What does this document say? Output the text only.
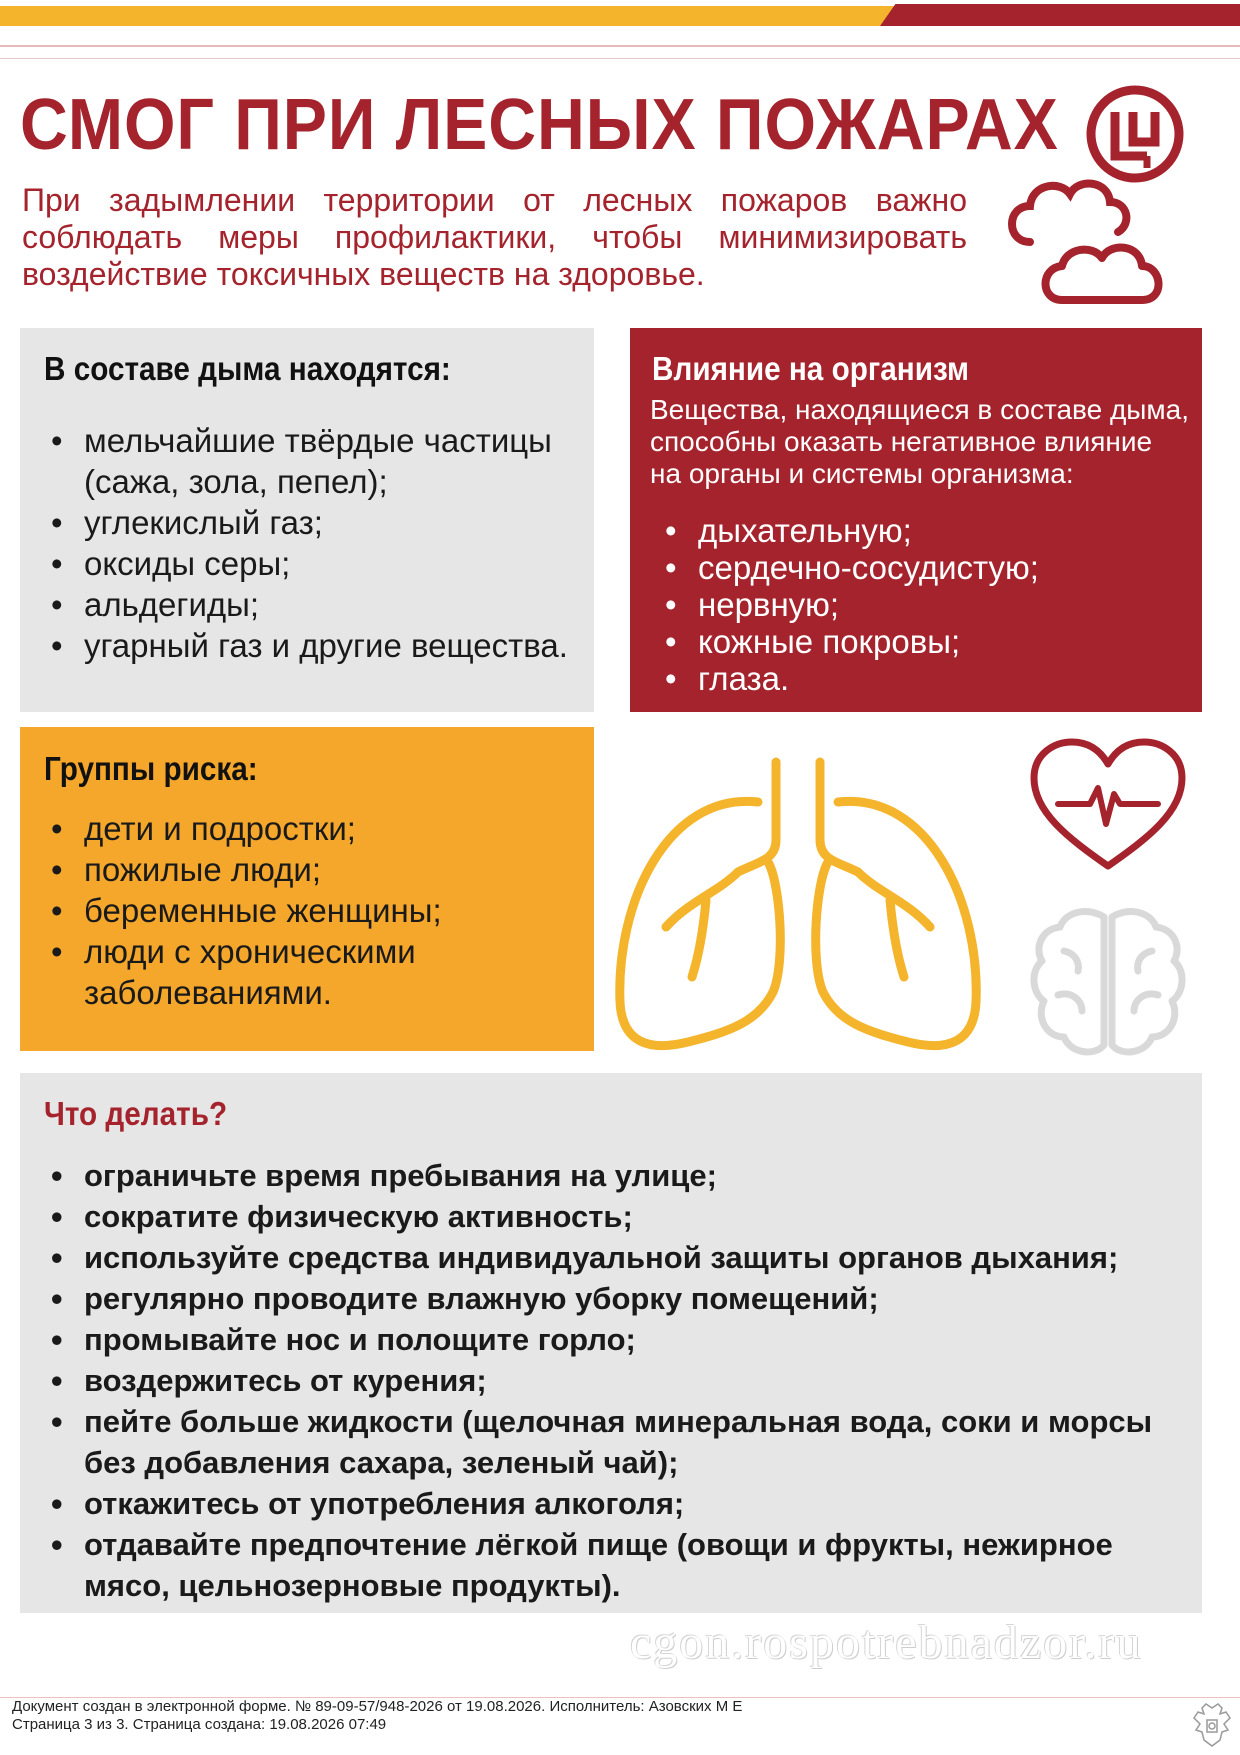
СМОГ ПРИ ЛЕСНЫХ ПОЖАРАХ
При задымлении территории от лесных пожаров важно соблюдать меры профилактики, чтобы минимизировать воздействие токсичных веществ на здоровье.
В составе дыма находятся:
• мельчайшие твёрдые частицы (сажа, зола, пепел);
• углекислый газ;
• оксиды серы;
• альдегиды;
• угарный газ и другие вещества.
Влияние на организм
Вещества, находящиеся в составе дыма, способны оказать негативное влияние на органы и системы организма:
• дыхательную;
• сердечно-сосудистую;
• нервную;
• кожные покровы;
• глаза.
Группы риска:
• дети и подростки;
• пожилые люди;
• беременные женщины;
• люди с хроническими заболеваниями.
Что делать?
• ограничьте время пребывания на улице;
• сократите физическую активность;
• используйте средства индивидуальной защиты органов дыхания;
• регулярно проводите влажную уборку помещений;
• промывайте нос и полощите горло;
• воздержитесь от курения;
• пейте больше жидкости (щелочная минеральная вода, соки и морсы без добавления сахара, зеленый чай);
• откажитесь от употребления алкоголя;
• отдавайте предпочтение лёгкой пище (овощи и фрукты, нежирное мясо, цельнозерновые продукты).
cgon.rospotrebnadzor.ru
Документ создан в электронной форме. № 89-09-57/948-2026 от 19.08.2026. Исполнитель: Азовских М Е
Страница 3 из 3. Страница создана: 19.08.2026 07:49
